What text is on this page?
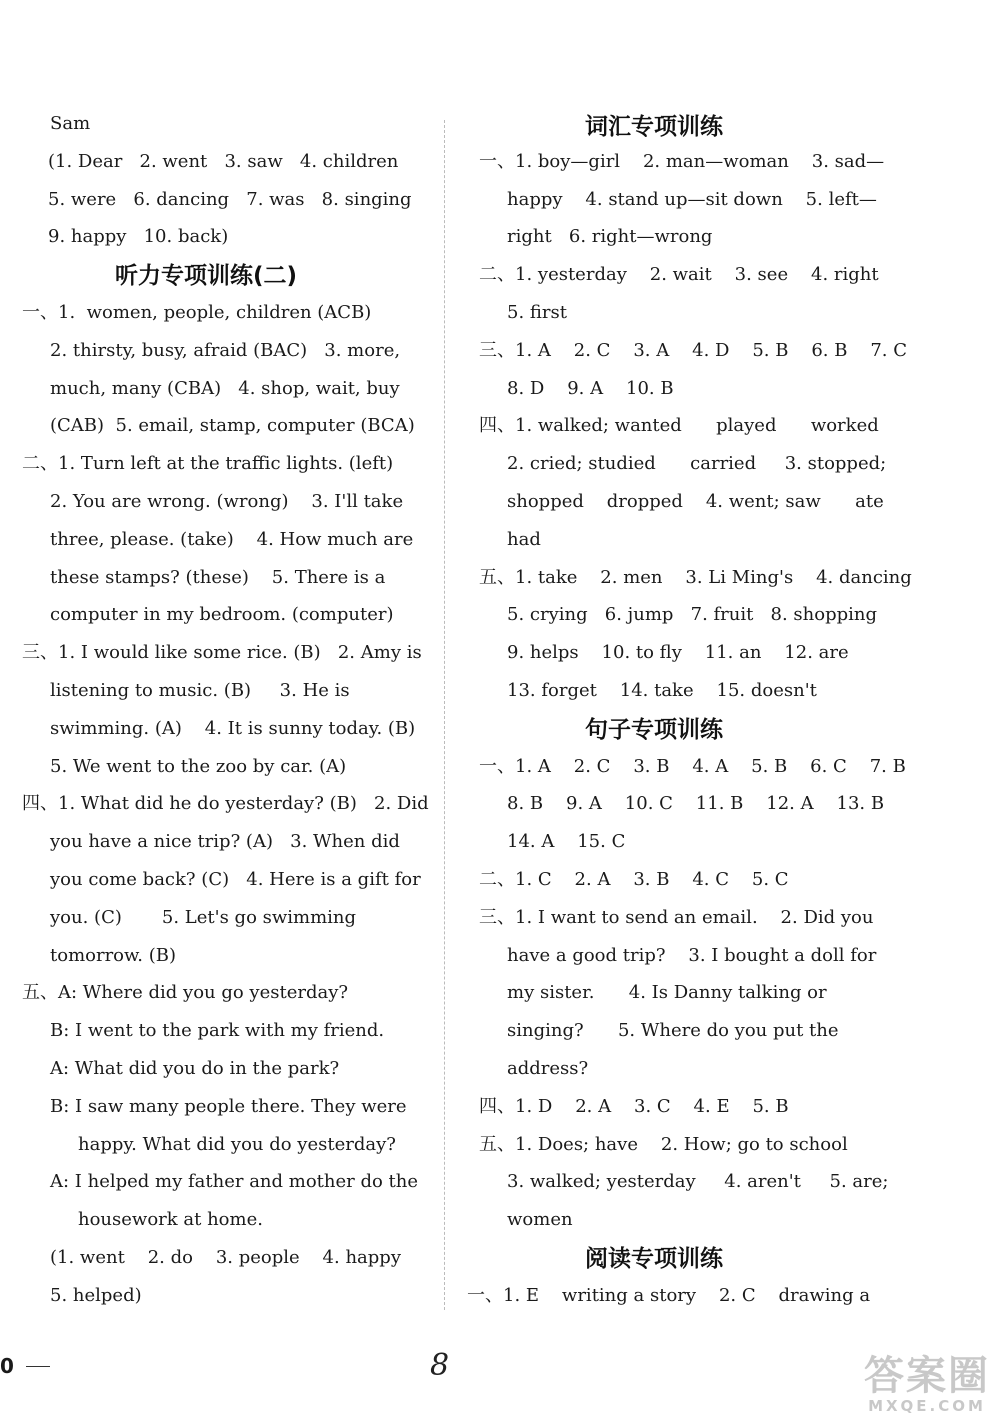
Sam
(1. Dear   2. went   3. saw   4. children
5. were   6. dancing   7. was   8. singing
9. happy   10. back)
听力专项训练(二)
一、1.  women, people, children (ACB)
2. thirsty, busy, afraid (BAC)   3. more,
much, many (CBA)   4. shop, wait, buy
(CAB)  5. email, stamp, computer (BCA)
二、1. Turn left at the traffic lights. (left)
2. You are wrong. (wrong)    3. I'll take
three, please. (take)    4. How much are
these stamps? (these)    5. There is a
computer in my bedroom. (computer)
三、1. I would like some rice. (B)   2. Amy is
listening to music. (B)     3. He is
swimming. (A)    4. It is sunny today. (B)
5. We went to the zoo by car. (A)
四、1. What did he do yesterday? (B)   2. Did
you have a nice trip? (A)   3. When did
you come back? (C)   4. Here is a gift for
you. (C)       5. Let's go swimming
tomorrow. (B)
五、A: Where did you go yesterday?
B: I went to the park with my friend.
A: What did you do in the park?
B: I saw many people there. They were
happy. What did you do yesterday?
A: I helped my father and mother do the
housework at home.
(1. went    2. do    3. people    4. happy
5. helped)
词汇专项训练
一、1. boy—girl    2. man—woman    3. sad—
happy    4. stand up—sit down    5. left—
right   6. right—wrong
二、1. yesterday    2. wait    3. see    4. right
5. first
三、1. A    2. C    3. A    4. D    5. B    6. B    7. C
8. D    9. A    10. B
四、1. walked; wanted      played      worked
2. cried; studied      carried     3. stopped;
shopped    dropped    4. went; saw      ate
had
五、1. take    2. men    3. Li Ming's    4. dancing
5. crying   6. jump   7. fruit   8. shopping
9. helps    10. to fly    11. an    12. are
13. forget    14. take    15. doesn't
句子专项训练
一、1. A    2. C    3. B    4. A    5. B    6. C    7. B
8. B    9. A    10. C    11. B    12. A    13. B
14. A    15. C
二、1. C    2. A    3. B    4. C    5. C
三、1. I want to send an email.    2. Did you
have a good trip?    3. I bought a doll for
my sister.      4. Is Danny talking or
singing?      5. Where do you put the
address?
四、1. D    2. A    3. C    4. E    5. B
五、1. Does; have    2. How; go to school
3. walked; yesterday     4. aren't     5. are;
women
阅读专项训练
一、1. E    writing a story    2. C    drawing a
0	8	答案圈
MXQE.COM
